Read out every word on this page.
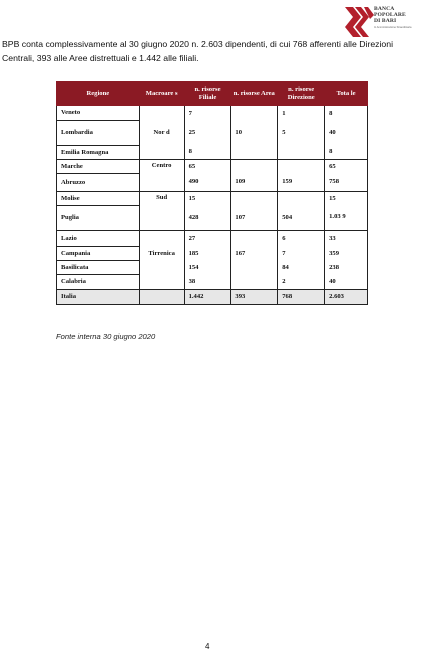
BANCA
POPOLARE
DI BARI
In Amministrazione Straordinaria
BPB conta complessivamente al 30 giugno 2020 n. 2.603 dipendenti, di cui 768 afferenti alle Direzioni Centrali, 393 alle Aree distrettuali e 1.442 alle filiali.
Regione	Macroare s	n. risorse Filiale	n. risorse Area	n. risorse Direzione	Tota le
Veneto	Nor d	7		1	8
Lombardia		25	10	5	40
Emilia Romagna		8			8
Marche	Centro	65			65
Abruzzo		490	109	159	758
Molise	Sud	15			15
Puglia		428	107	504	1.03 9
Lazio	Tirrenica	27		6	33
Campania		185	167	7	359
Basilicata		154		84	238
Calabria		38		2	40
Italia		1.442	393	768	2.603
Fonte interna 30 giugno 2020
4
